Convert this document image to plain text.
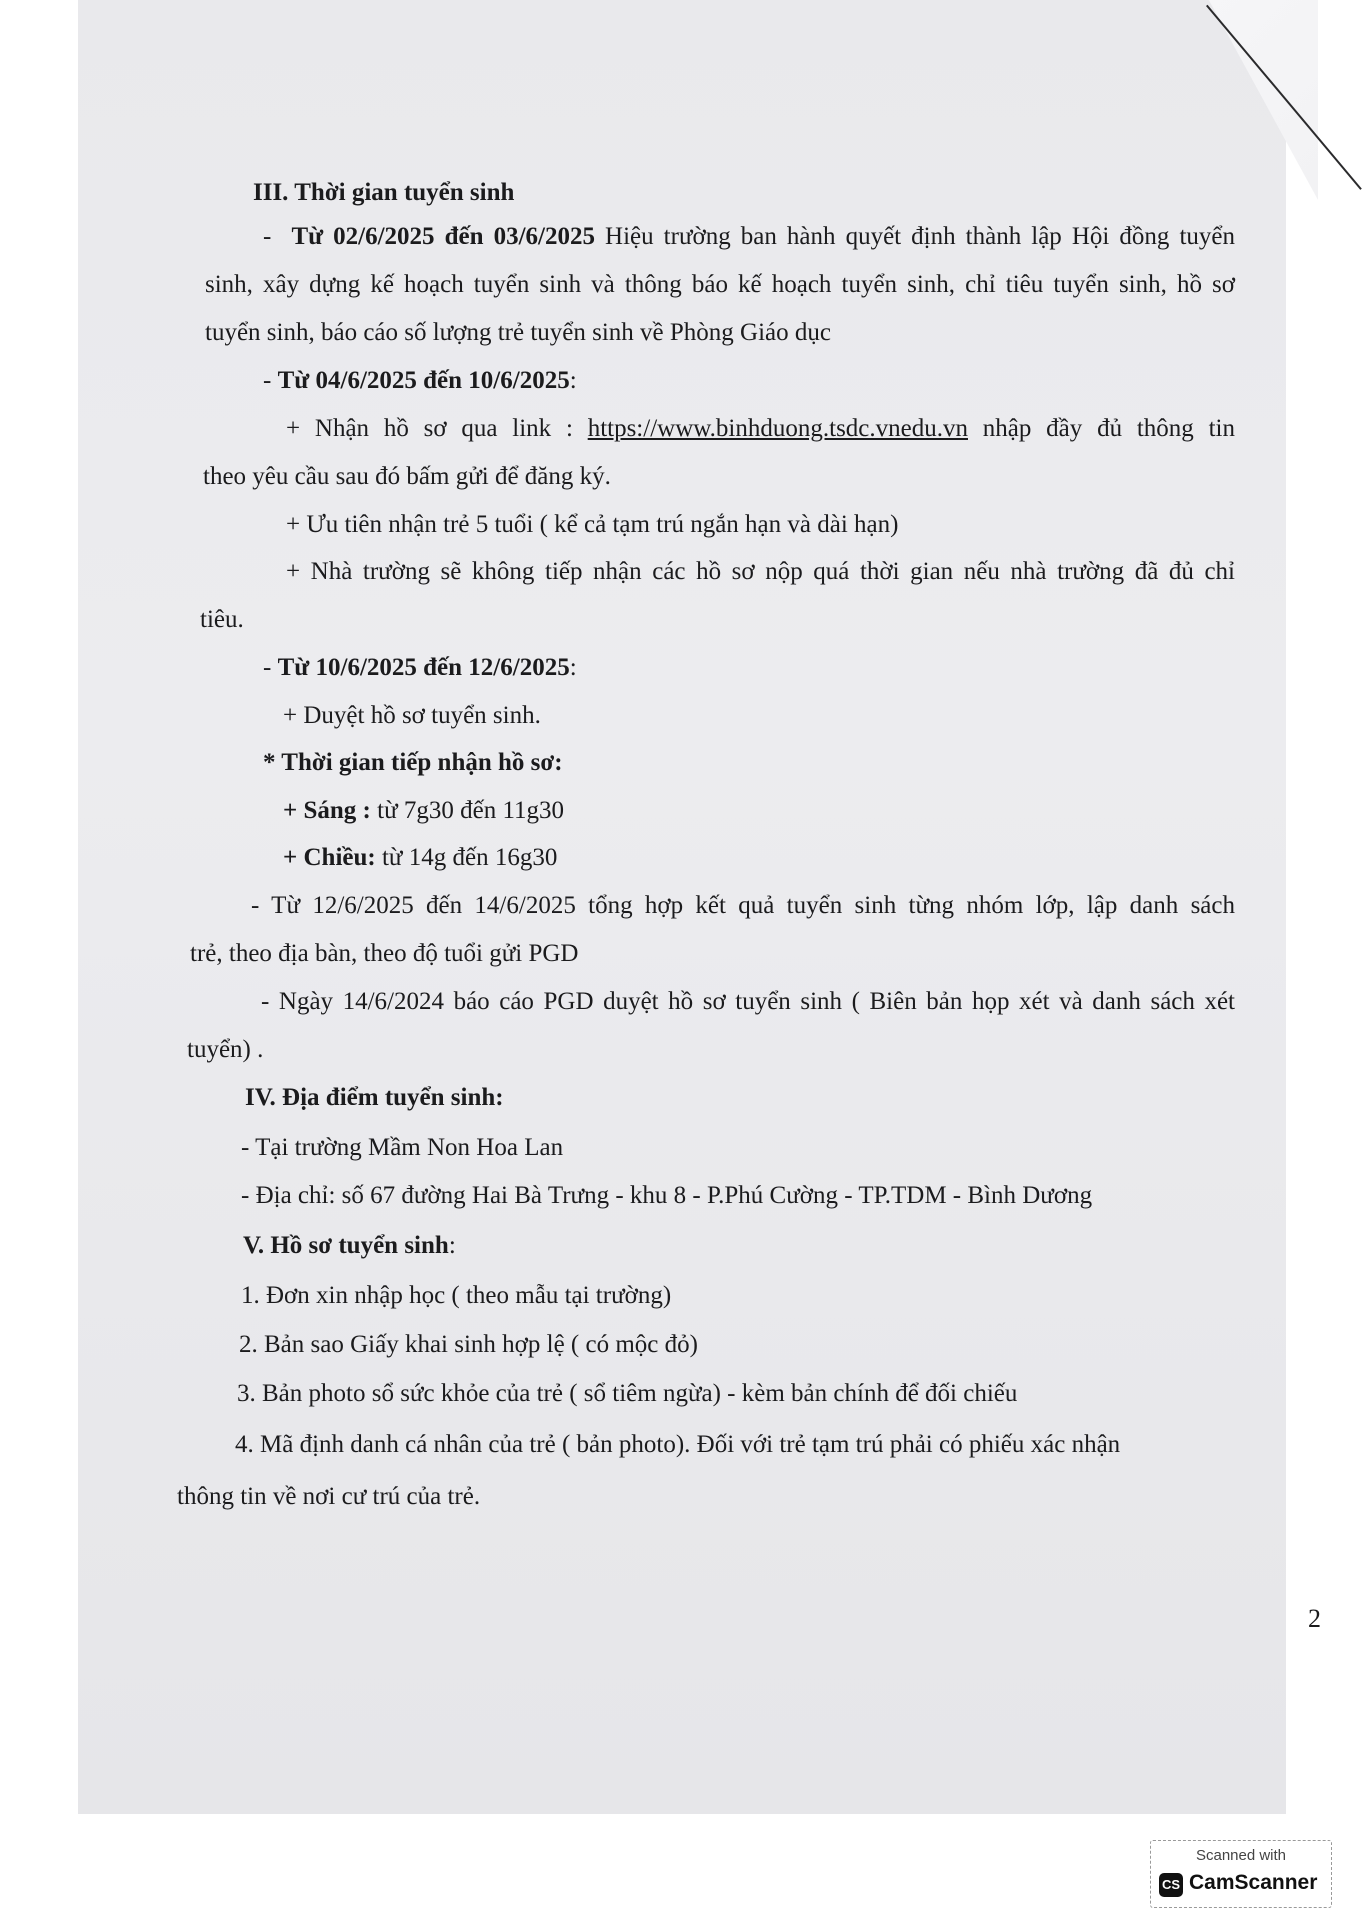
III. Thời gian tuyển sinh
-  Từ 02/6/2025 đến 03/6/2025 Hiệu trường ban hành quyết định thành lập Hội đồng tuyển
sinh, xây dựng kế hoạch tuyển sinh và thông báo kế hoạch tuyển sinh, chỉ tiêu tuyển sinh, hồ sơ
tuyển sinh, báo cáo số lượng trẻ tuyển sinh về Phòng Giáo dục
- Từ 04/6/2025 đến 10/6/2025:
+ Nhận hồ sơ qua link : https://www.binhduong.tsdc.vnedu.vn nhập đầy đủ thông tin
theo yêu cầu sau đó bấm gửi để đăng ký.
+ Ưu tiên nhận trẻ 5 tuổi ( kể cả tạm trú ngắn hạn và dài hạn)
+ Nhà trường sẽ không tiếp nhận các hồ sơ nộp quá thời gian nếu nhà trường đã đủ chỉ
tiêu.
- Từ 10/6/2025 đến 12/6/2025:
+ Duyệt hồ sơ tuyển sinh.
* Thời gian tiếp nhận hồ sơ:
+ Sáng : từ 7g30 đến 11g30
+ Chiều: từ 14g đến 16g30
- Từ 12/6/2025 đến 14/6/2025 tổng hợp kết quả tuyển sinh từng nhóm lớp, lập danh sách
trẻ, theo địa bàn, theo độ tuổi gửi PGD
- Ngày 14/6/2024 báo cáo PGD duyệt hồ sơ tuyển sinh ( Biên bản họp xét và danh sách xét
tuyển) .
IV. Địa điểm tuyển sinh:
- Tại trường Mầm Non Hoa Lan
- Địa chỉ: số 67 đường Hai Bà Trưng - khu 8 - P.Phú Cường - TP.TDM - Bình Dương
V. Hồ sơ tuyển sinh:
1. Đơn xin nhập học ( theo mẫu tại trường)
2. Bản sao Giấy khai sinh hợp lệ ( có mộc đỏ)
3. Bản photo sổ sức khỏe của trẻ ( sổ tiêm ngừa) - kèm bản chính để đối chiếu
4. Mã định danh cá nhân của trẻ ( bản photo). Đối với trẻ tạm trú phải có phiếu xác nhận
thông tin về nơi cư trú của trẻ.
2
Scanned with
CS CamScanner
